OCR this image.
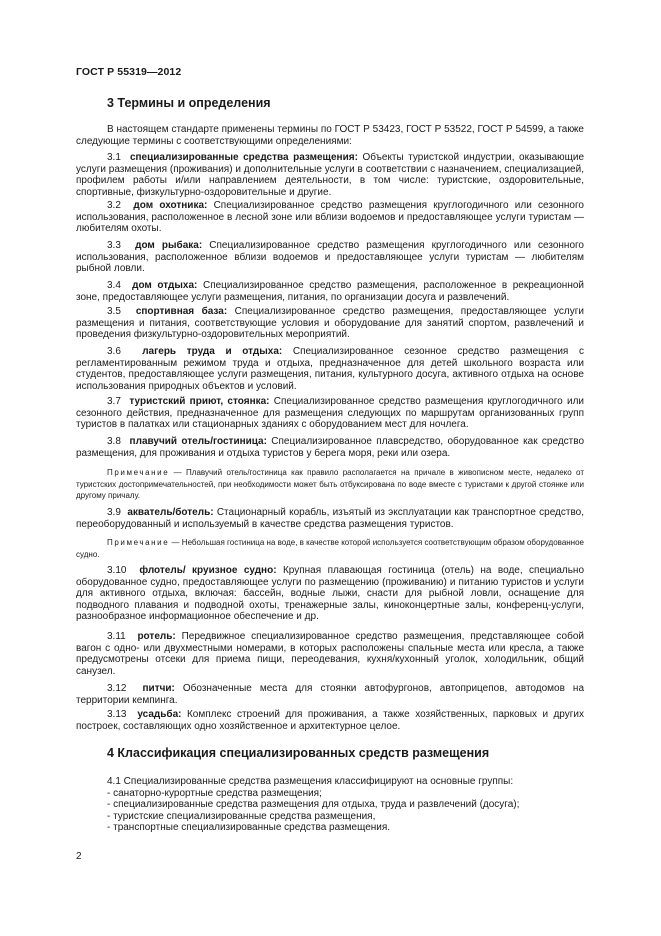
ГОСТ Р 55319—2012
3 Термины и определения

В настоящем стандарте применены термины по ГОСТ Р 53423, ГОСТ Р 53522, ГОСТ Р 54599, а также следующие термины с соответствующими определениями:

3.1 специализированные средства размещения: Объекты туристской индустрии, оказывающие услуги размещения (проживания) и дополнительные услуги в соответствии с назначением, специализацией, профилем работы и/или направлением деятельности, в том числе: туристские, оздоровительные, спортивные, физкультурно-оздоровительные и другие.

3.2 дом охотника: Специализированное средство размещения круглогодичного или сезонного использования, расположенное в лесной зоне или вблизи водоемов и предоставляющее услуги туристам — любителям охоты.

3.3 дом рыбака: Специализированное средство размещения круглогодичного или сезонного использования, расположенное вблизи водоемов и предоставляющее услуги туристам — любителям рыбной ловли.

3.4 дом отдыха: Специализированное средство размещения, расположенное в рекреационной зоне, предоставляющее услуги размещения, питания, по организации досуга и развлечений.

3.5 спортивная база: Специализированное средство размещения, предоставляющее услуги размещения и питания, соответствующие условия и оборудование для занятий спортом, развлечений и проведения физкультурно-оздоровительных мероприятий.

3.6 лагерь труда и отдыха: Специализированное сезонное средство размещения с регламентированным режимом труда и отдыха, предназначенное для детей школьного возраста или студентов, предоставляющее услуги размещения, питания, культурного досуга, активного отдыха на основе использования природных объектов и условий.

3.7 туристский приют, стоянка: Специализированное средство размещения круглогодичного или сезонного действия, предназначенное для размещения следующих по маршрутам организованных групп туристов в палатках или стационарных зданиях с оборудованием мест для ночлега.

3.8 плавучий отель/гостиница: Специализированное плавсредство, оборудованное как средство размещения, для проживания и отдыха туристов у берега моря, реки или озера.

Примечание — Плавучий отель/гостиница как правило располагается на причале в живописном месте, недалеко от туристских достопримечательностей, при необходимости может быть отбуксирована по воде вместе с туристами к другой стоянке или другому причалу.

3.9 акватель/ботель: Стационарный корабль, изъятый из эксплуатации как транспортное средство, переоборудованный и используемый в качестве средства размещения туристов.

Примечание — Небольшая гостиница на воде, в качестве которой используется соответствующим образом оборудованное судно.

3.10 флотель/ круизное судно: Крупная плавающая гостиница (отель) на воде, специально оборудованное судно, предоставляющее услуги по размещению (проживанию) и питанию туристов и услуги для активного отдыха, включая: бассейн, водные лыжи, снасти для рыбной ловли, оснащение для подводного плавания и подводной охоты, тренажерные залы, киноконцертные залы, конференц-услуги, разнообразное информационное обеспечение и др.

3.11 ротель: Передвижное специализированное средство размещения, представляющее собой вагон с одно- или двухместными номерами, в которых расположены спальные места или кресла, а также предусмотрены отсеки для приема пищи, переодевания, кухня/кухонный уголок, холодильник, общий санузел.

3.12 питчи: Обозначенные места для стоянки автофургонов, автоприцепов, автодомов на территории кемпинга.

3.13 усадьба: Комплекс строений для проживания, а также хозяйственных, парковых и других построек, составляющих одно хозяйственное и архитектурное целое.

4 Классификация специализированных средств размещения
4.1 Специализированные средства размещения классифицируют на основные группы:
- санаторно-курортные средства размещения;
- специализированные средства размещения для отдыха, труда и развлечений (досуга);
- туристские специализированные средства размещения,
- транспортные специализированные средства размещения.
2
